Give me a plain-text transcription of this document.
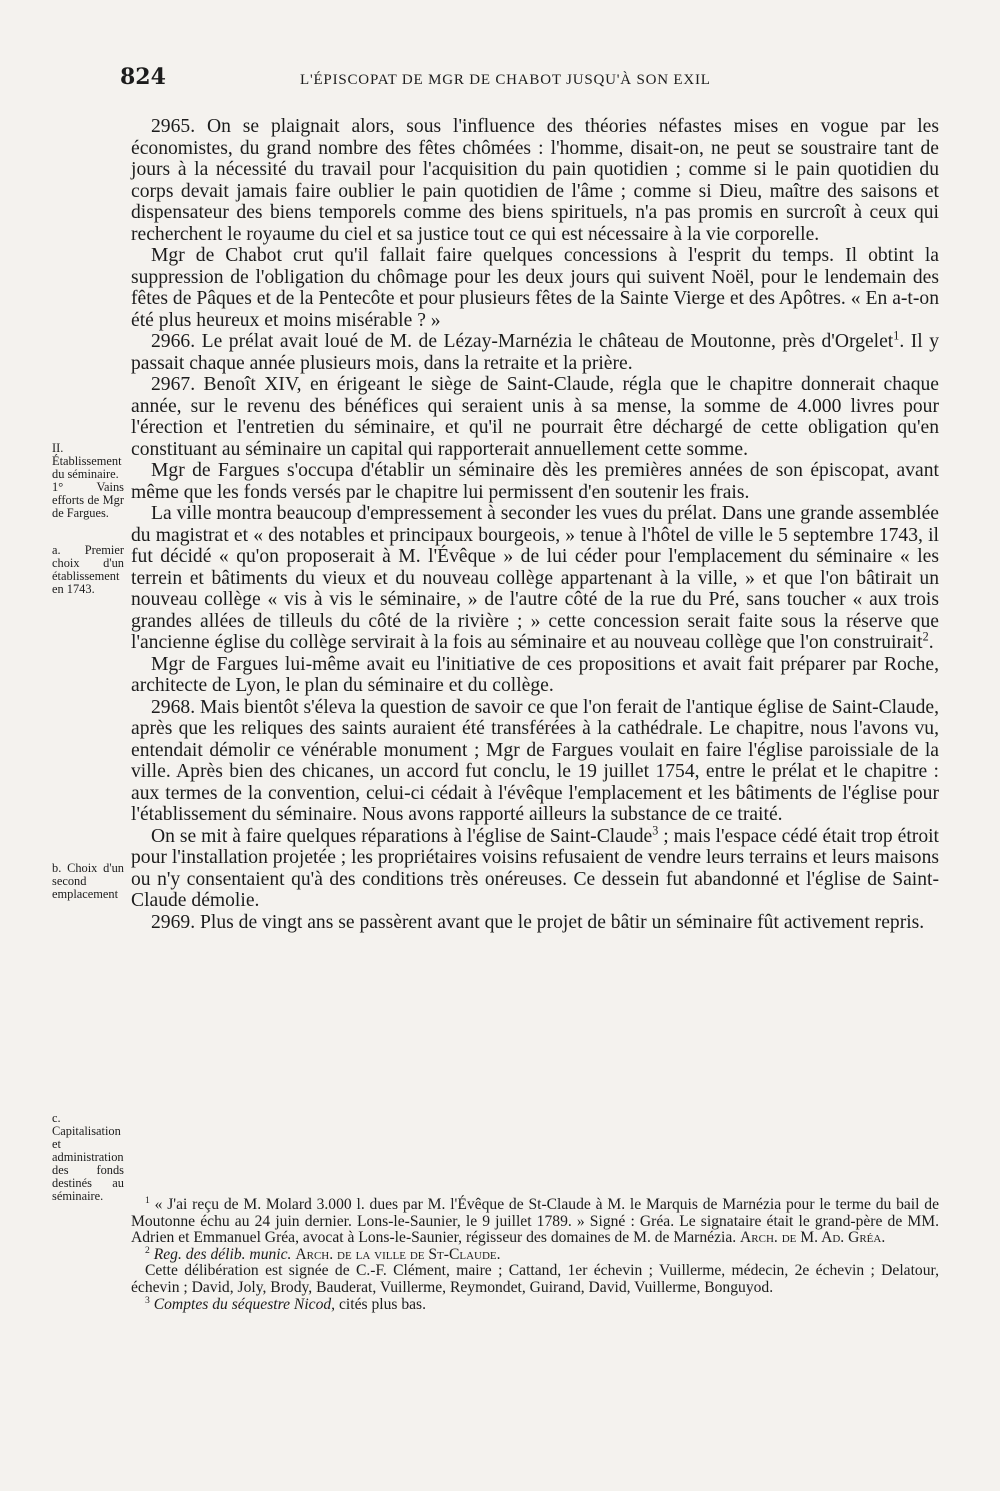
824	L'ÉPISCOPAT DE MGR DE CHABOT JUSQU'À SON EXIL

2965. On se plaignait alors, sous l'influence des théories néfastes mises en vogue par les économistes, du grand nombre des fêtes chômées : l'homme, disait-on, ne peut se soustraire tant de jours à la nécessité du travail pour l'acquisition du pain quotidien ; comme si le pain quotidien du corps devait jamais faire oublier le pain quotidien de l'âme ; comme si Dieu, maître des saisons et dispensateur des biens temporels comme des biens spirituels, n'a pas promis en surcroît à ceux qui recherchent le royaume du ciel et sa justice tout ce qui est nécessaire à la vie corporelle.

Mgr de Chabot crut qu'il fallait faire quelques concessions à l'esprit du temps. Il obtint la suppression de l'obligation du chômage pour les deux jours qui suivent Noël, pour le lendemain des fêtes de Pâques et de la Pentecôte et pour plusieurs fêtes de la Sainte Vierge et des Apôtres. « En a-t-on été plus heureux et moins misérable ? »

2966. Le prélat avait loué de M. de Lézay-Marnézia le château de Moutonne, près d'Orgelet$^1$. Il y passait chaque année plusieurs mois, dans la retraite et la prière.

2967. Benoît XIV, en érigeant le siège de Saint-Claude, régla que le chapitre donnerait chaque année, sur le revenu des bénéfices qui seraient unis à sa mense, la somme de 4.000 livres pour l'érection et l'entretien du séminaire, et qu'il ne pourrait être déchargé de cette obligation qu'en constituant au séminaire un capital qui rapporterait annuellement cette somme.

Mgr de Fargues s'occupa d'établir un séminaire dès les premières années de son épiscopat, avant même que les fonds versés par le chapitre lui permissent d'en soutenir les frais.

La ville montra beaucoup d'empressement à seconder les vues du prélat. Dans une grande assemblée du magistrat et « des notables et principaux bourgeois, » tenue à l'hôtel de ville le 5 septembre 1743, il fut décidé « qu'on proposerait à M. l'Évêque » de lui céder pour l'emplacement du séminaire « les terrein et bâtiments du vieux et du nouveau collège appartenant à la ville, » et que l'on bâtirait un nouveau collège « vis à vis le séminaire, » de l'autre côté de la rue du Pré, sans toucher « aux trois grandes allées de tilleuls du côté de la rivière ; » cette concession serait faite sous la réserve que l'ancienne église du collège servirait à la fois au séminaire et au nouveau collège que l'on construirait$^2$.

Mgr de Fargues lui-même avait eu l'initiative de ces propositions et avait fait préparer par Roche, architecte de Lyon, le plan du séminaire et du collège.

2968. Mais bientôt s'éleva la question de savoir ce que l'on ferait de l'antique église de Saint-Claude, après que les reliques des saints auraient été transférées à la cathédrale. Le chapitre, nous l'avons vu, entendait démolir ce vénérable monument ; Mgr de Fargues voulait en faire l'église paroissiale de la ville. Après bien des chicanes, un accord fut conclu, le 19 juillet 1754, entre le prélat et le chapitre : aux termes de la convention, celui-ci cédait à l'évêque l'emplacement et les bâtiments de l'église pour l'établissement du séminaire. Nous avons rapporté ailleurs la substance de ce traité.

On se mit à faire quelques réparations à l'église de Saint-Claude$^3$ ; mais l'espace cédé était trop étroit pour l'installation projetée ; les propriétaires voisins refusaient de vendre leurs terrains et leurs maisons ou n'y consentaient qu'à des conditions très onéreuses. Ce dessein fut abandonné et l'église de Saint-Claude démolie.

2969. Plus de vingt ans se passèrent avant que le projet de bâtir un séminaire fût activement repris.

II. Établissement du séminaire.
1° Vains efforts de Mgr de Fargues.
a. Premier choix d'un établissement en 1743.
b. Choix d'un second emplacement
c. Capitalisation et administration des fonds destinés au séminaire.	$^1$ « J'ai reçu de M. Molard 3.000 l. dues par M. l'Évêque de St-Claude à M. le Marquis de Marnézia pour le terme du bail de Moutonne échu au 24 juin dernier. Lons-le-Saunier, le 9 juillet 1789. » Signé : Gréa. Le signataire était le grand-père de MM. Adrien et Emmanuel Gréa, avocat à Lons-le-Saunier, régisseur des domaines de M. de Marnézia. Arch. de M. Ad. Gréa.

$^2$ Reg. des délib. munic. Arch. de la ville de St-Claude.

Cette délibération est signée de C.-F. Clément, maire ; Cattand, 1er échevin ; Vuillerme, médecin, 2e échevin ; Delatour, échevin ; David, Joly, Brody, Bauderat, Vuillerme, Reymondet, Guirand, David, Vuillerme, Bonguyod.

$^3$ Comptes du séquestre Nicod, cités plus bas.
